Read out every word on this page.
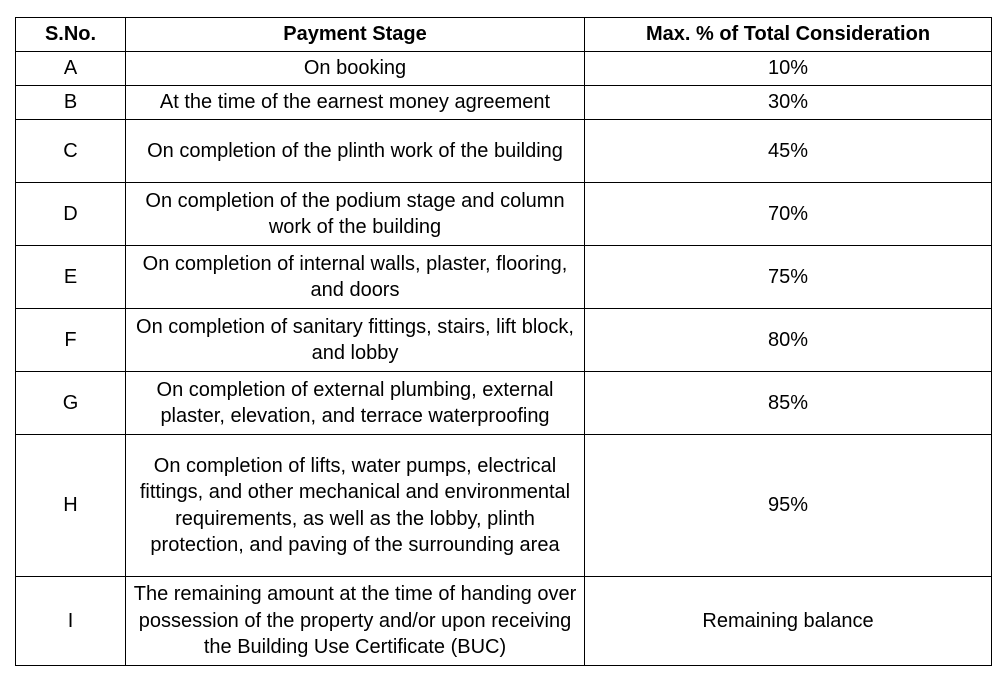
S.No.	Payment Stage	Max. % of Total Consideration
A	On booking	10%
B	At the time of the earnest money agreement	30%
C	On completion of the plinth work of the building	45%
D	On completion of the podium stage and column work of the building	70%
E	On completion of internal walls, plaster, flooring, and doors	75%
F	On completion of sanitary fittings, stairs, lift block, and lobby	80%
G	On completion of external plumbing, external plaster, elevation, and terrace waterproofing	85%
H	On completion of lifts, water pumps, electrical fittings, and other mechanical and environmental requirements, as well as the lobby, plinth protection, and paving of the surrounding area	95%
I	The remaining amount at the time of handing over possession of the property and/or upon receiving the Building Use Certificate (BUC)	Remaining balance
